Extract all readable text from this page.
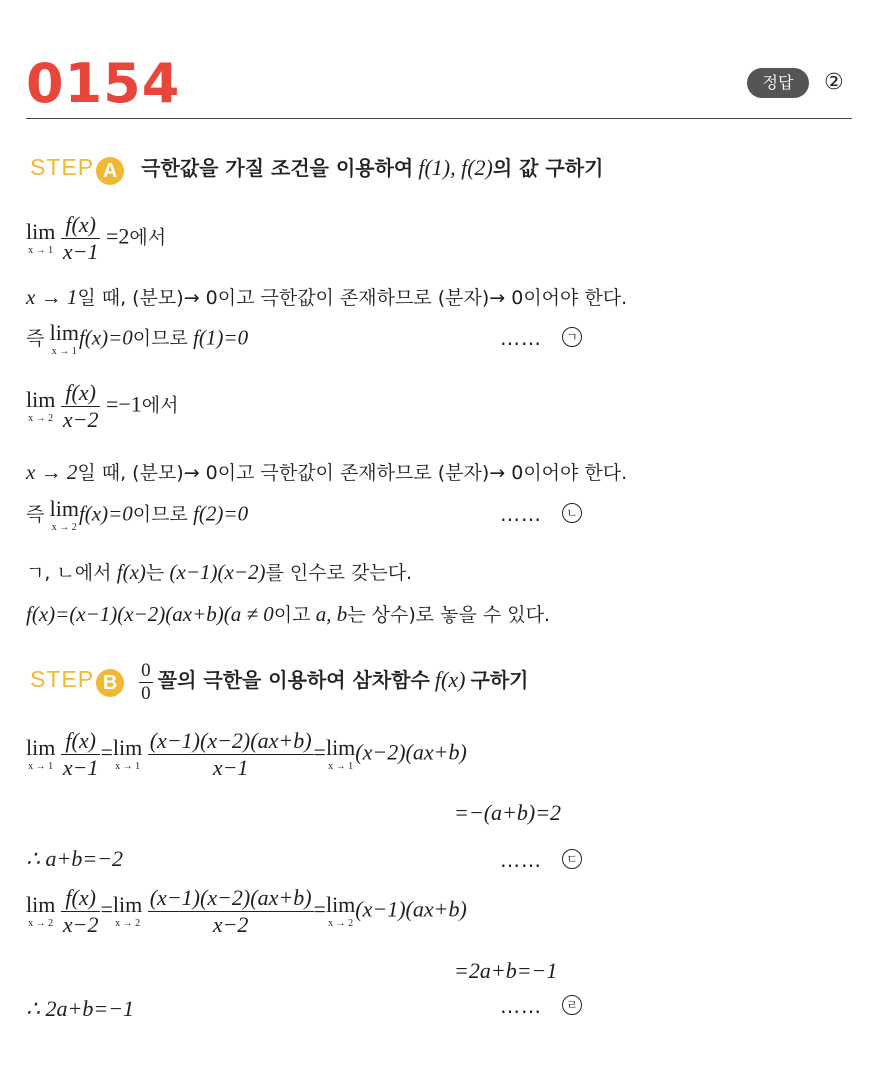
0154	정답	②
STEP A 극한값을 가질 조건을 이용하여 f(1), f(2)의 값 구하기
lim
x → 1
$\frac{f(x)}{x-1} =2$에서
x → 1일 때, (분모)→ 0이고 극한값이 존재하므로 (분자)→ 0이어야 한다.
즉 lim
x → 1
f(x)=0이므로 f(1)=0	……	ㄱ
lim
x → 2
$\frac{f(x)}{x-2} =-1$에서
x → 2일 때, (분모)→ 0이고 극한값이 존재하므로 (분자)→ 0이어야 한다.
즉 lim
x → 2
f(x)=0이므로 f(2)=0	……	ㄴ
ㄱ, ㄴ에서 f(x)는 (x−1)(x−2)를 인수로 갖는다.
f(x)=(x−1)(x−2)(ax+b)(a ≠ 0이고 a, b는 상수)로 놓을 수 있다.
STEP B $\frac{0}{0}$ 꼴의 극한을 이용하여 삼차함수 f(x) 구하기
lim
x → 1
$\frac{f(x)}{x-1} = \lim$
x → 1
$\frac{(x-1)(x-2)(ax+b)}{x-1} = \lim$
x → 1
(x−2)(ax+b)
=−(a+b)=2
∴ a+b=−2	……	ㄷ
lim
x → 2
$\frac{f(x)}{x-2} = \lim$
x → 2
$\frac{(x-1)(x-2)(ax+b)}{x-2} = \lim$
x → 2
(x−1)(ax+b)
=2a+b=−1
∴ 2a+b=−1	……	ㄹ
